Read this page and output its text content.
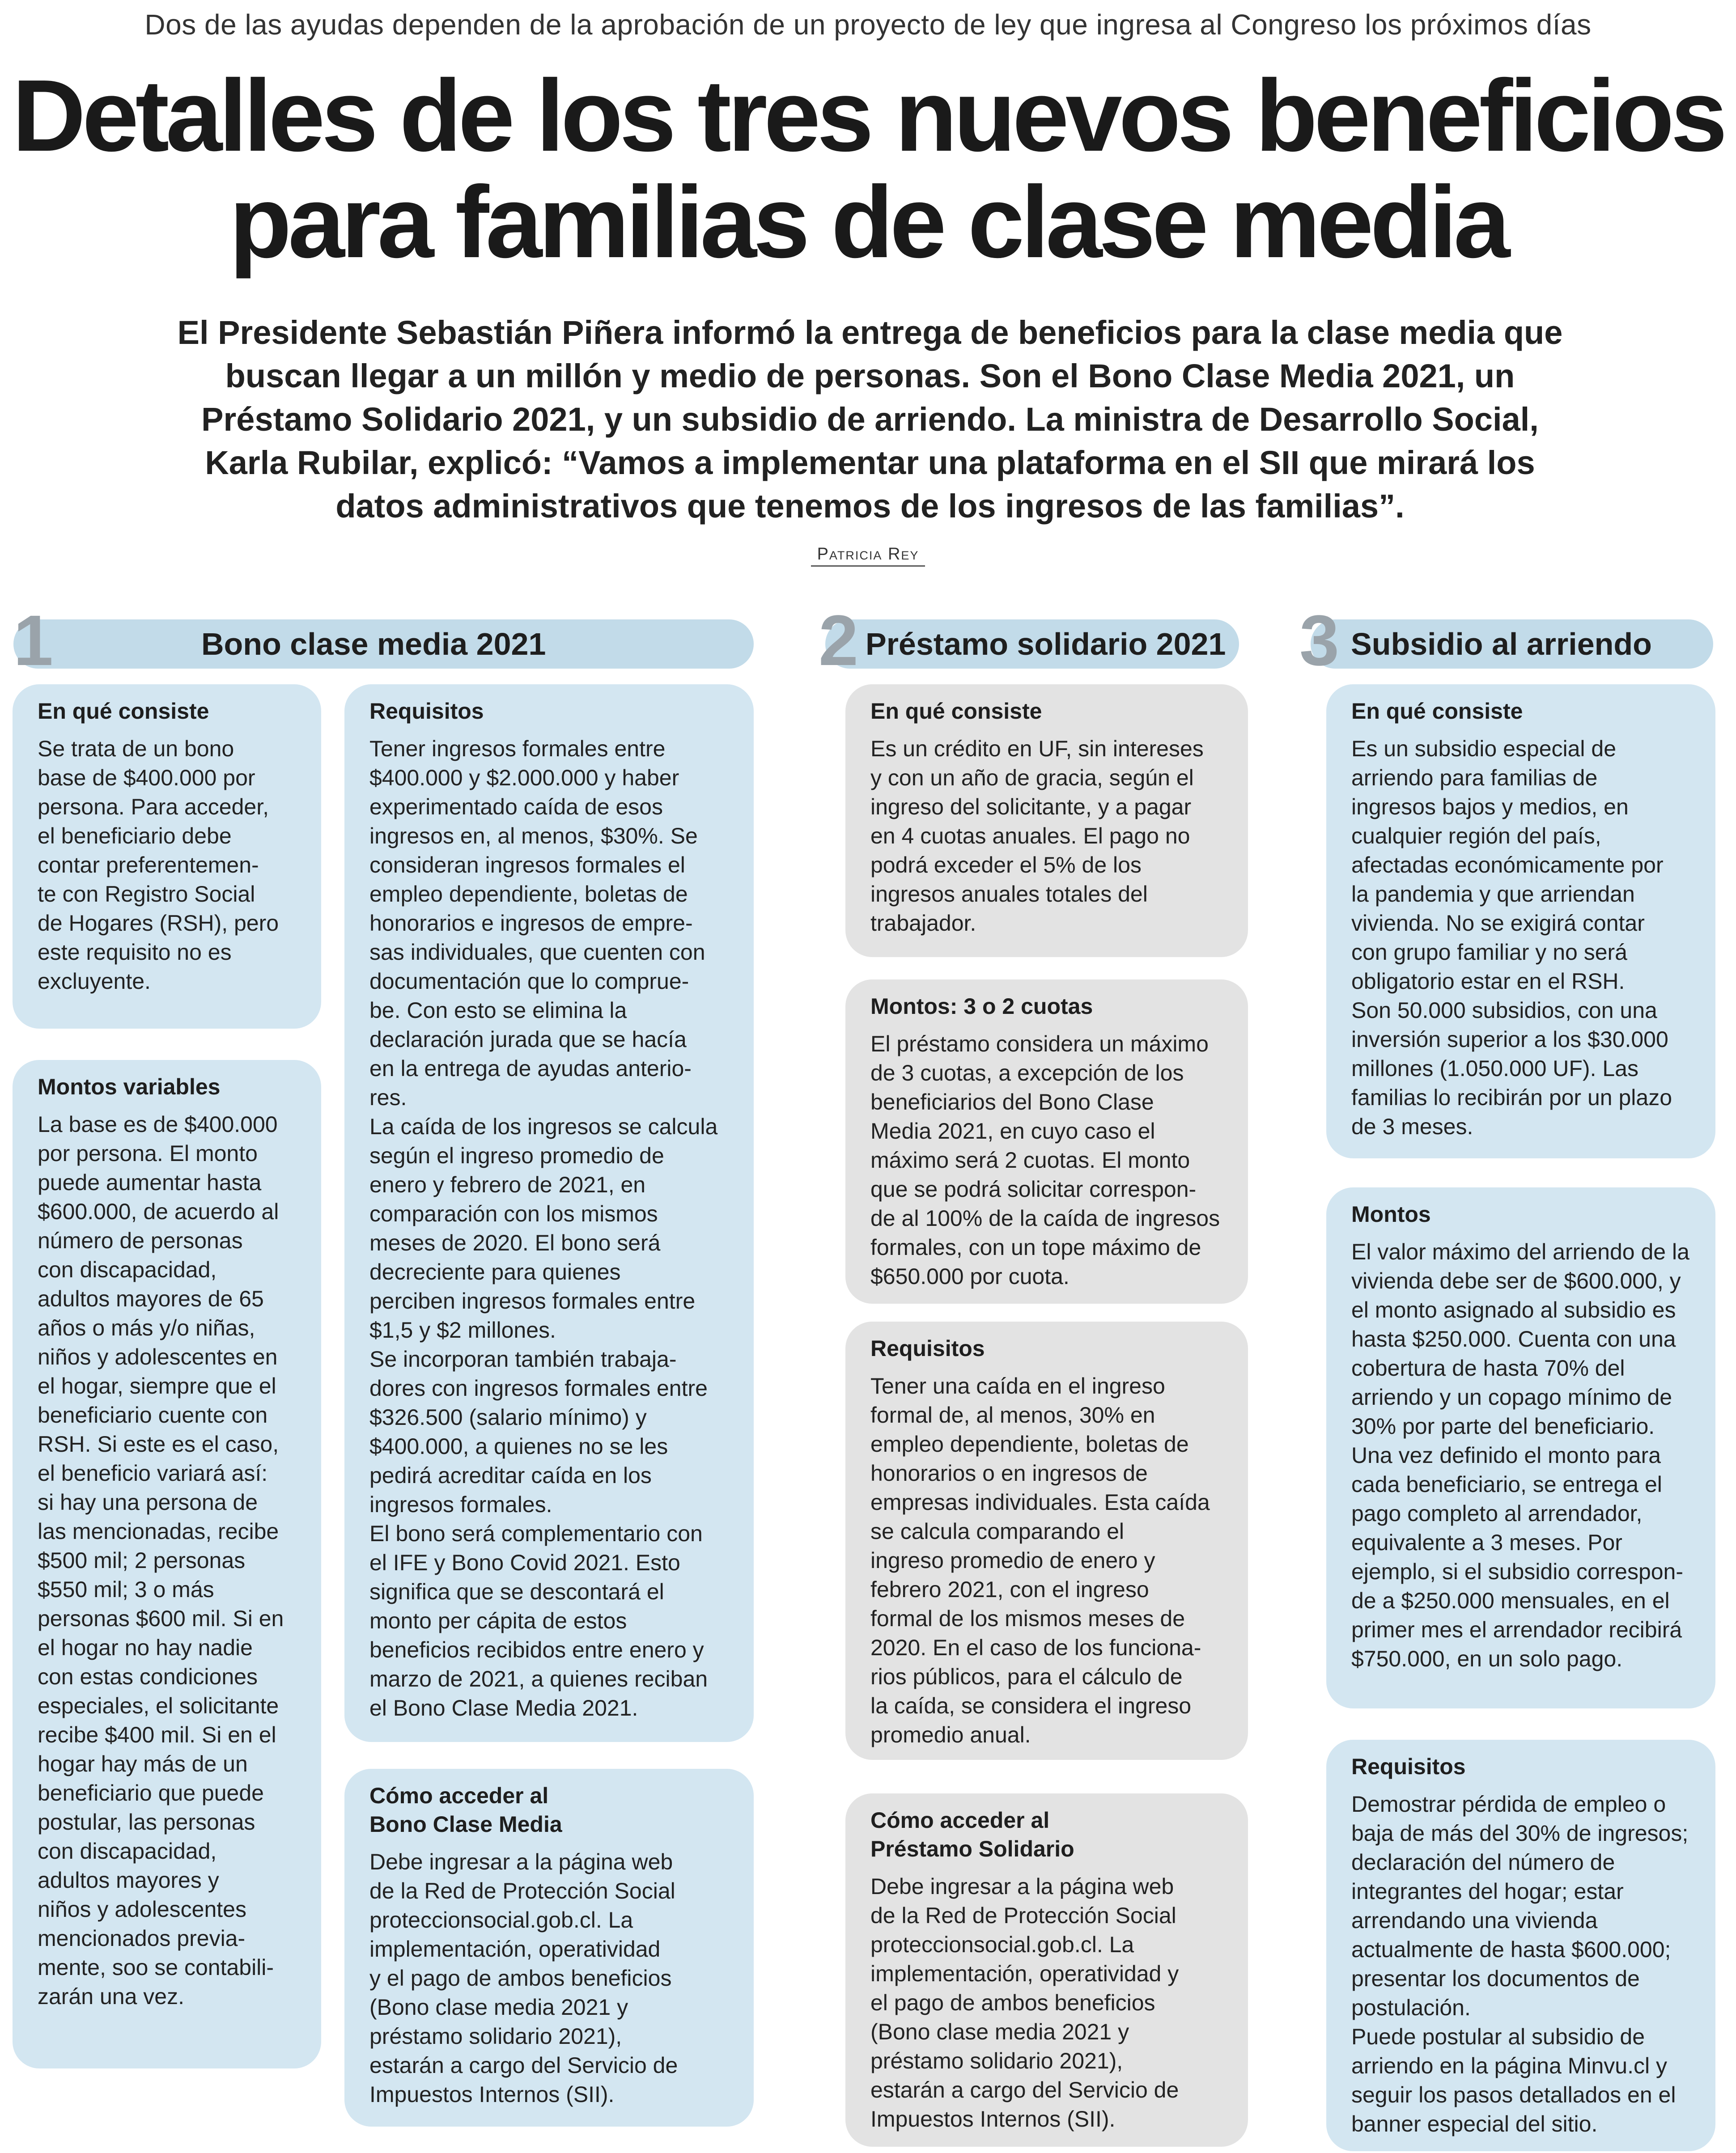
Dos de las ayudas dependen de la aprobación de un proyecto de ley que ingresa al Congreso los próximos días
Detalles de los tres nuevos beneficios
para familias de clase media

El Presidente Sebastián Piñera informó la entrega de beneficios para la clase media que buscan llegar a un millón y medio de personas. Son el Bono Clase Media 2021, un Préstamo Solidario 2021, y un subsidio de arriendo. La ministra de Desarrollo Social, Karla Rubilar, explicó: “Vamos a implementar una plataforma en el SII que mirará los datos administrativos que tenemos de los ingresos de las familias”.

Patricia Rey
1	Bono clase media 2021	2 Préstamo solidario 2021 3 Subsidio al arriendo
En qué consiste

Se trata de un bono
base de $400.000 por
persona. Para acceder,
el beneficiario debe
contar preferentemen-
te con Registro Social
de Hogares (RSH), pero
este requisito no es
excluyente.

Montos variables

La base es de $400.000
por persona. El monto
puede aumentar hasta
$600.000, de acuerdo al
número de personas
con discapacidad,
adultos mayores de 65
años o más y/o niñas,
niños y adolescentes en
el hogar, siempre que el
beneficiario cuente con
RSH. Si este es el caso,
el beneficio variará así:
si hay una persona de
las mencionadas, recibe
$500 mil; 2 personas
$550 mil; 3 o más
personas $600 mil. Si en
el hogar no hay nadie
con estas condiciones
especiales, el solicitante
recibe $400 mil. Si en el
hogar hay más de un
beneficiario que puede
postular, las personas
con discapacidad,
adultos mayores y
niños y adolescentes
mencionados previa-
mente, soo se contabili-
zarán una vez.

Requisitos

Tener ingresos formales entre
$400.000 y $2.000.000 y haber
experimentado caída de esos
ingresos en, al menos, $30%. Se
consideran ingresos formales el
empleo dependiente, boletas de
honorarios e ingresos de empre-
sas individuales, que cuenten con
documentación que lo comprue-
be. Con esto se elimina la
declaración jurada que se hacía
en la entrega de ayudas anterio-
res.
La caída de los ingresos se calcula
según el ingreso promedio de
enero y febrero de 2021, en
comparación con los mismos
meses de 2020. El bono será
decreciente para quienes
perciben ingresos formales entre
$1,5 y $2 millones.
Se incorporan también trabaja-
dores con ingresos formales entre
$326.500 (salario mínimo) y
$400.000, a quienes no se les
pedirá acreditar caída en los
ingresos formales.
El bono será complementario con
el IFE y Bono Covid 2021. Esto
significa que se descontará el
monto per cápita de estos
beneficios recibidos entre enero y
marzo de 2021, a quienes reciban
el Bono Clase Media 2021.

Cómo acceder al
Bono Clase Media

Debe ingresar a la página web
de la Red de Protección Social
proteccionsocial.gob.cl. La
implementación, operatividad
y el pago de ambos beneficios
(Bono clase media 2021 y
préstamo solidario 2021),
estarán a cargo del Servicio de
Impuestos Internos (SII).

En qué consiste

Es un crédito en UF, sin intereses
y con un año de gracia, según el
ingreso del solicitante, y a pagar
en 4 cuotas anuales. El pago no
podrá exceder el 5% de los
ingresos anuales totales del
trabajador.

Montos: 3 o 2 cuotas

El préstamo considera un máximo
de 3 cuotas, a excepción de los
beneficiarios del Bono Clase
Media 2021, en cuyo caso el
máximo será 2 cuotas. El monto
que se podrá solicitar correspon-
de al 100% de la caída de ingresos
formales, con un tope máximo de
$650.000 por cuota.

Requisitos

Tener una caída en el ingreso
formal de, al menos, 30% en
empleo dependiente, boletas de
honorarios o en ingresos de
empresas individuales. Esta caída
se calcula comparando el
ingreso promedio de enero y
febrero 2021, con el ingreso
formal de los mismos meses de
2020. En el caso de los funciona-
rios públicos, para el cálculo de
la caída, se considera el ingreso
promedio anual.

Cómo acceder al
Préstamo Solidario

Debe ingresar a la página web
de la Red de Protección Social
proteccionsocial.gob.cl. La
implementación, operatividad y
el pago de ambos beneficios
(Bono clase media 2021 y
préstamo solidario 2021),
estarán a cargo del Servicio de
Impuestos Internos (SII).

En qué consiste

Es un subsidio especial de
arriendo para familias de
ingresos bajos y medios, en
cualquier región del país,
afectadas económicamente por
la pandemia y que arriendan
vivienda. No se exigirá contar
con grupo familiar y no será
obligatorio estar en el RSH.
Son 50.000 subsidios, con una
inversión superior a los $30.000
millones (1.050.000 UF). Las
familias lo recibirán por un plazo
de 3 meses.

Montos

El valor máximo del arriendo de la
vivienda debe ser de $600.000, y
el monto asignado al subsidio es
hasta $250.000. Cuenta con una
cobertura de hasta 70% del
arriendo y un copago mínimo de
30% por parte del beneficiario.
Una vez definido el monto para
cada beneficiario, se entrega el
pago completo al arrendador,
equivalente a 3 meses. Por
ejemplo, si el subsidio correspon-
de a $250.000 mensuales, en el
primer mes el arrendador recibirá
$750.000, en un solo pago.

Requisitos

Demostrar pérdida de empleo o
baja de más del 30% de ingresos;
declaración del número de
integrantes del hogar; estar
arrendando una vivienda
actualmente de hasta $600.000;
presentar los documentos de
postulación.
Puede postular al subsidio de
arriendo en la página Minvu.cl y
seguir los pasos detallados en el
banner especial del sitio.
